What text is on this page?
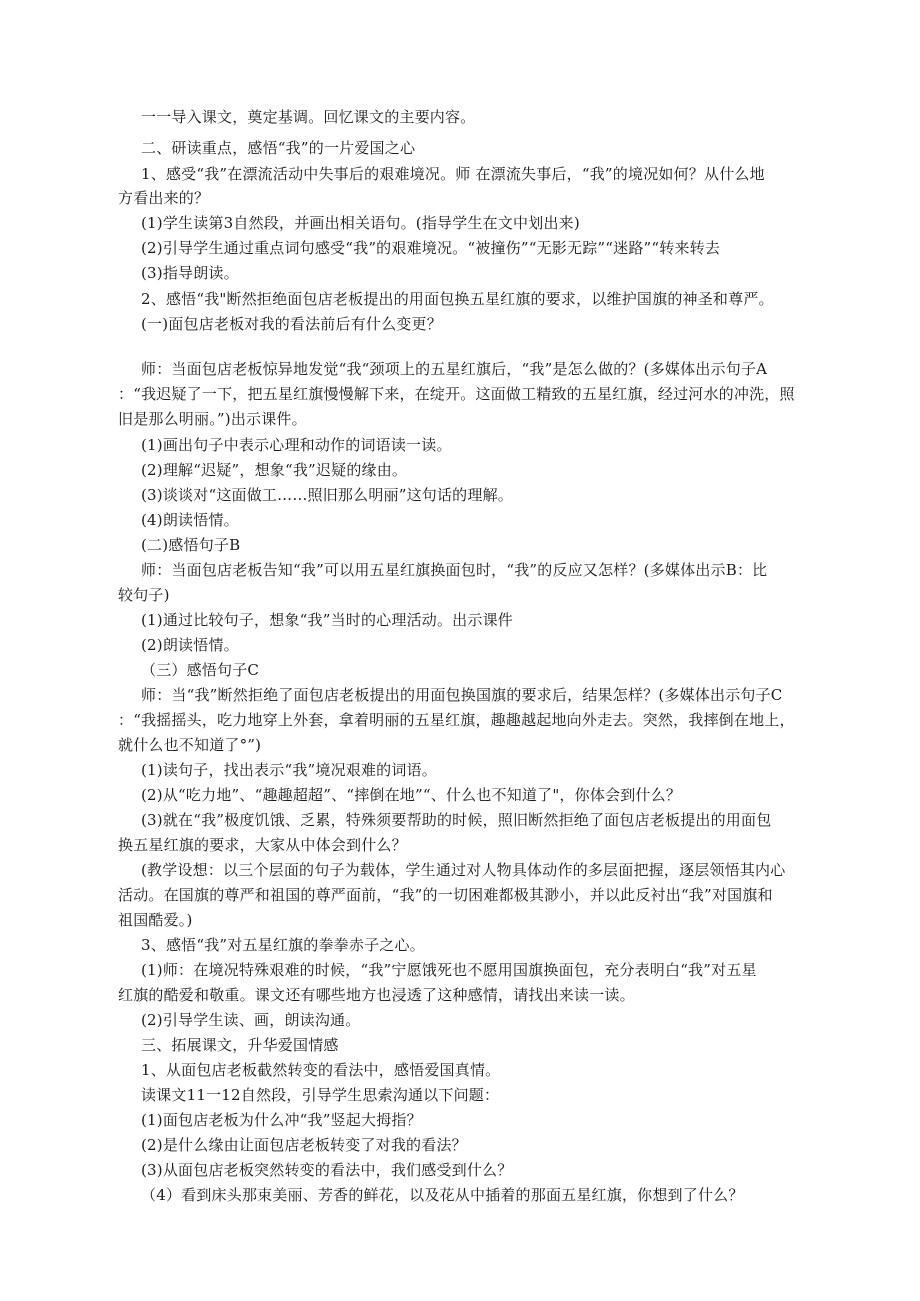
一一导入课文，奠定基调。回忆课文的主要内容。
二、研读重点，感悟“我”的一片爱国之心
1、感受“我”在漂流活动中失事后的艰难境况。师 在漂流失事后，“我”的境况如何？从什么地
方看出来的？
(1)学生读第3自然段，并画出相关语句。(指导学生在文中划出来)
(2)引导学生通过重点词句感受“我”的艰难境况。“被撞伤”“无影无踪”“迷路”“转来转去
(3)指导朗读。
2、感悟“我"断然拒绝面包店老板提出的用面包换五星红旗的要求，以维护国旗的神圣和尊严。
(一)面包店老板对我的看法前后有什么变更？
师：当面包店老板惊异地发觉“我“颈项上的五星红旗后，“我”是怎么做的？(多媒体出示句子A
：“我迟疑了一下，把五星红旗慢慢解下来，在绽开。这面做工精致的五星红旗，经过河水的冲洗，照
旧是那么明丽。”)出示课件。
(1)画出句子中表示心理和动作的词语读一读。
(2)理解“迟疑”，想象“我”迟疑的缘由。
(3)谈谈对“这面做工……照旧那么明丽”这句话的理解。
(4)朗读悟情。
(二)感悟句子B
师：当面包店老板告知“我”可以用五星红旗换面包时，“我”的反应又怎样？(多媒体出示B：比
较句子)
(1)通过比较句子，想象“我”当时的心理活动。出示课件
(2)朗读悟情。
（三）感悟句子C
师：当“我”断然拒绝了面包店老板提出的用面包换国旗的要求后，结果怎样？(多媒体出示句子C
：“我摇摇头，吃力地穿上外套，拿着明丽的五星红旗，趣趣越起地向外走去。突然，我摔倒在地上，
就什么也不知道了°”)
(1)读句子，找出表示“我”境况艰难的词语。
(2)从“吃力地”、“趣趣超超”、“摔倒在地”“、什么也不知道了"，你体会到什么？
(3)就在“我”极度饥饿、乏累，特殊须要帮助的时候，照旧断然拒绝了面包店老板提出的用面包
换五星红旗的要求，大家从中体会到什么？
(教学设想：以三个层面的句子为载体，学生通过对人物具体动作的多层面把握，逐层领悟其内心
活动。在国旗的尊严和祖国的尊严面前，“我”的一切困难都极其渺小，并以此反衬出“我”对国旗和
祖国酷爱。)
3、感悟“我”对五星红旗的拳拳赤子之心。
(1)师：在境况特殊艰难的时候，“我”宁愿饿死也不愿用国旗换面包，充分表明白“我”对五星
红旗的酷爱和敬重。课文还有哪些地方也浸透了这种感情，请找出来读一读。
(2)引导学生读、画，朗读沟通。
三、拓展课文，升华爱国情感
1、从面包店老板截然转变的看法中，感悟爱国真情。
读课文11一12自然段，引导学生思索沟通以下问题：
(1)面包店老板为什么冲“我”竖起大拇指？
(2)是什么缘由让面包店老板转变了对我的看法？
(3)从面包店老板突然转变的看法中，我们感受到什么？
（4）看到床头那束美丽、芳香的鲜花，以及花从中插着的那面五星红旗，你想到了什么？
